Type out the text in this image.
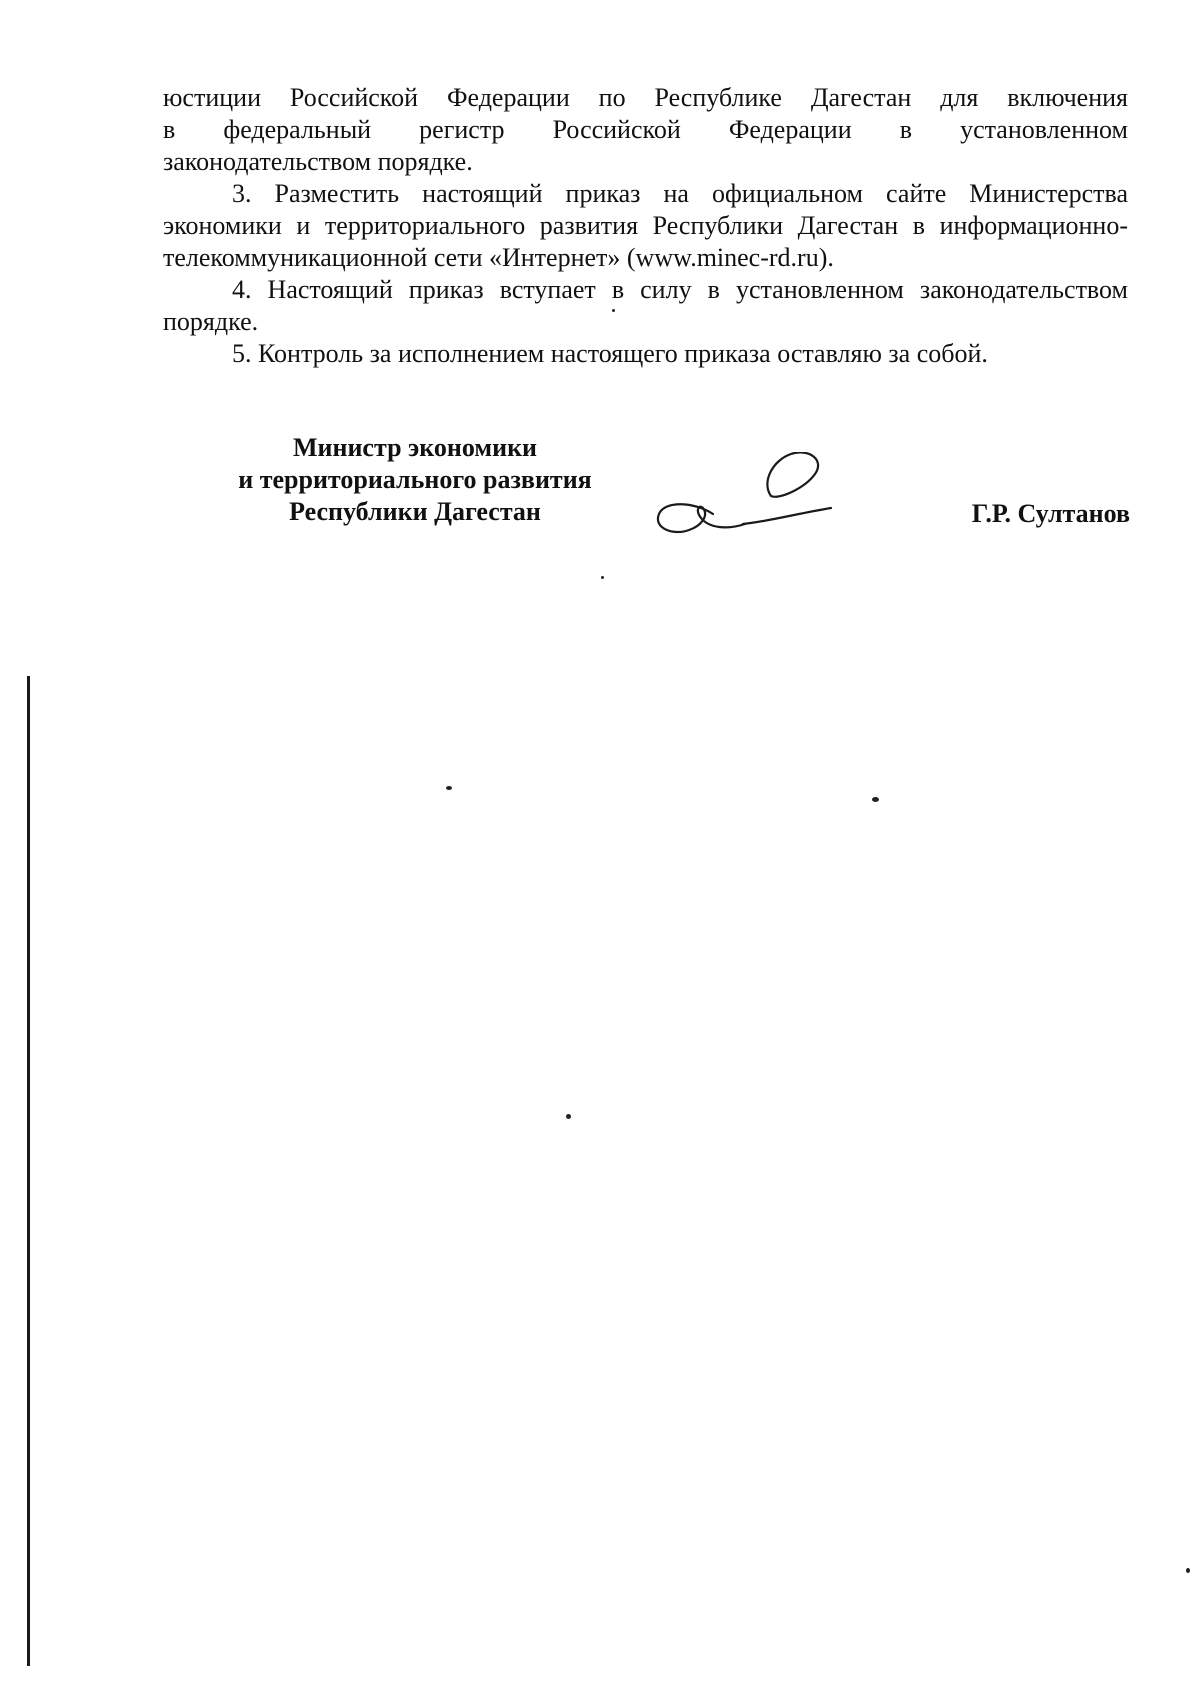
юстиции Российской Федерации по Республике Дагестан для включения

в федеральный регистр Российской Федерации в установленном

законодательством порядке.

3. Разместить настоящий приказ на официальном сайте Министерства экономики и территориального развития Республики Дагестан в информационно-телекоммуникационной сети «Интернет» (www.minec-rd.ru).

4. Настоящий приказ вступает в силу в установленном законодательством порядке.

5. Контроль за исполнением настоящего приказа оставляю за собой.

Министр экономики
и территориального развития
Республики Дагестан	Г.Р. Султанов
